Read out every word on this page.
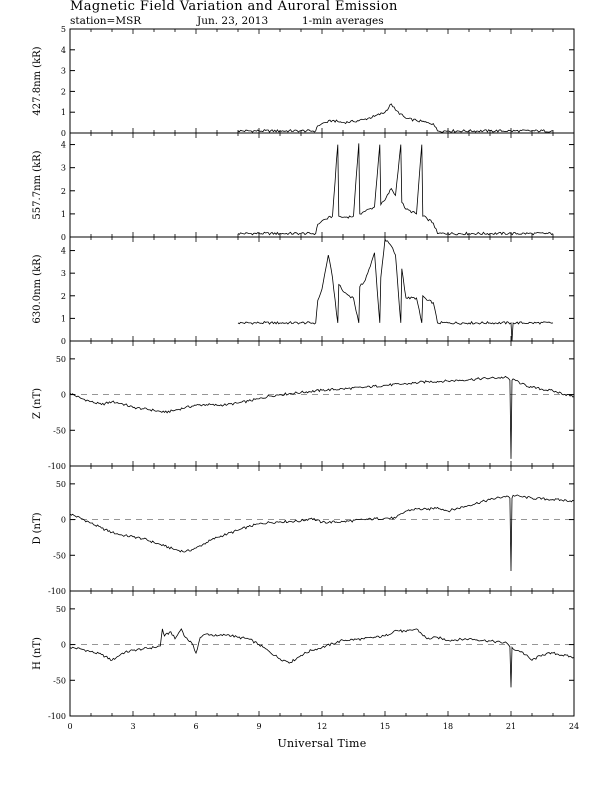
Magnetic Field Variation and Auroral Emission
station=MSR	Jun. 23, 2013	1-min averages
0
1
2
3
4
5
427.8nm (kR)
0
1
2
3
4
557.7nm (kR)
0
1
2
3
4
630.0nm (kR)
-100
-50
0
50
Z (nT)
-100
-50
0
50
D (nT)
-100
-50
0
50
H (nT)
0	3	6	9	12	15	18	21	24
Universal Time
